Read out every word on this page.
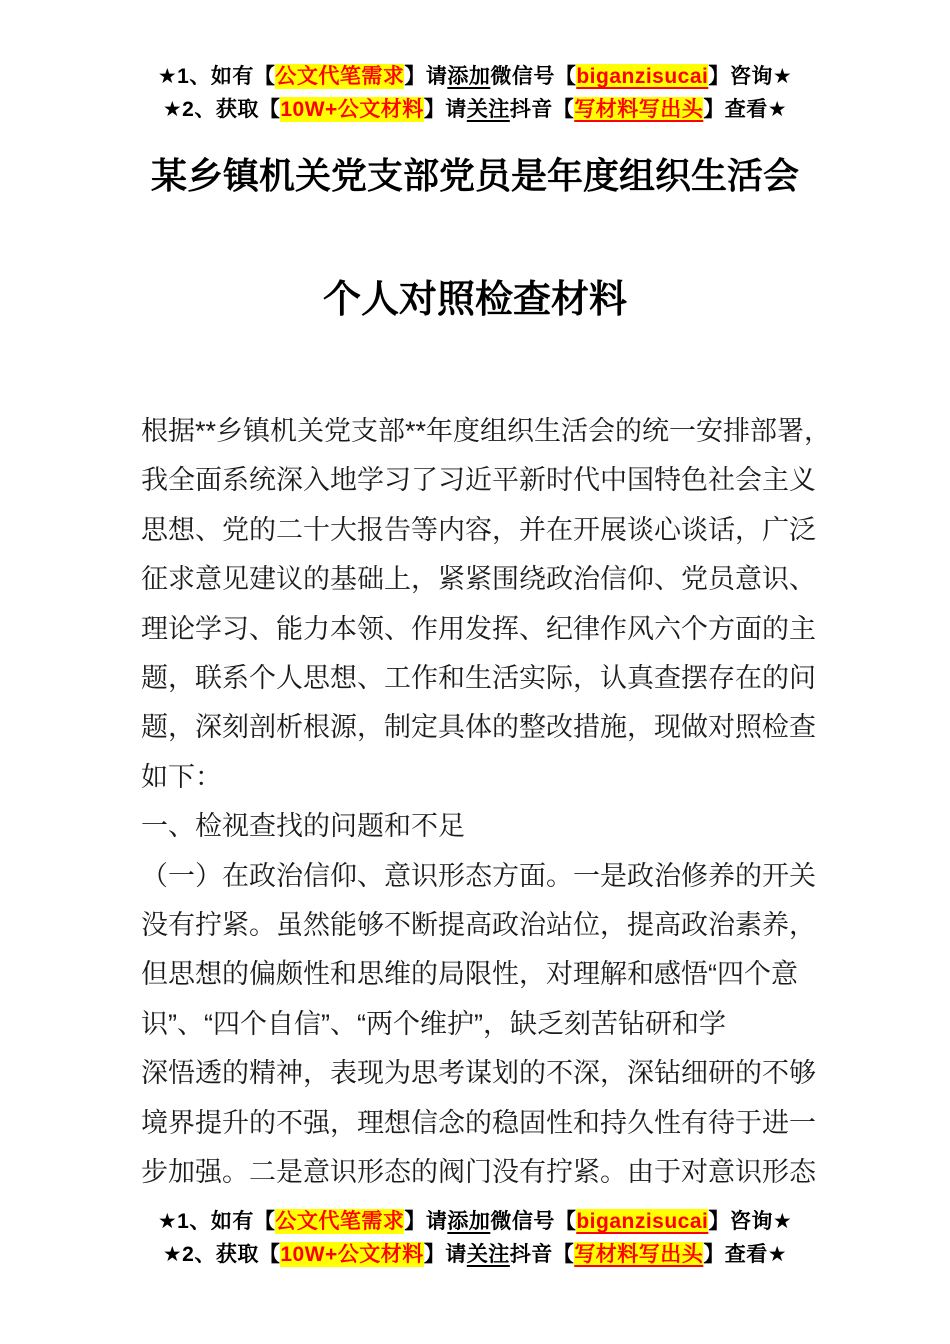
★1、如有【公文代笔需求】请添加微信号【biganzisucai】咨询★
★2、获取【10W+公文材料】请关注抖音【写材料写出头】查看★
某乡镇机关党支部党员是年度组织生活会
个人对照检查材料
根据**乡镇机关党支部**年度组织生活会的统一安排部署，
我全面系统深入地学习了习近平新时代中国特色社会主义
思想、党的二十大报告等内容，并在开展谈心谈话，广泛
征求意见建议的基础上，紧紧围绕政治信仰、党员意识、
理论学习、能力本领、作用发挥、纪律作风六个方面的主
题，联系个人思想、工作和生活实际，认真查摆存在的问
题，深刻剖析根源，制定具体的整改措施，现做对照检查
如下：
一、检视查找的问题和不足
（一）在政治信仰、意识形态方面。一是政治修养的开关
没有拧紧。虽然能够不断提高政治站位，提高政治素养，
但思想的偏颇性和思维的局限性，对理解和感悟“四个意
识”、“四个自信”、“两个维护”，缺乏刻苦钻研和学
深悟透的精神，表现为思考谋划的不深，深钻细研的不够
境界提升的不强，理想信念的稳固性和持久性有待于进一
步加强。二是意识形态的阀门没有拧紧。由于对意识形态
★1、如有【公文代笔需求】请添加微信号【biganzisucai】咨询★
★2、获取【10W+公文材料】请关注抖音【写材料写出头】查看★
